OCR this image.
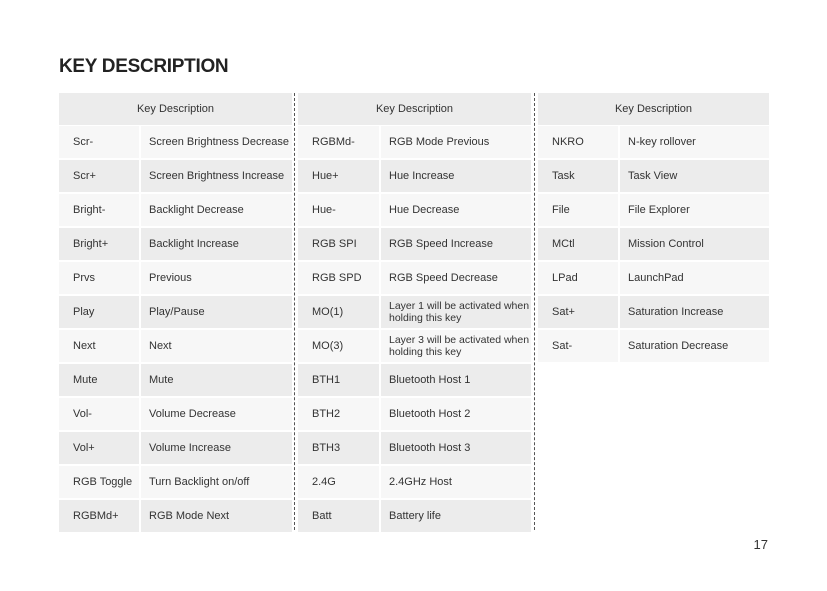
KEY DESCRIPTION
Key Description	
Scr-	Screen Brightness Decrease
Scr+	Screen Brightness Increase
Bright-	Backlight Decrease
Bright+	Backlight Increase
Prvs	Previous
Play	Play/Pause
Next	Next
Mute	Mute
Vol-	Volume Decrease
Vol+	Volume Increase
RGB Toggle	Turn Backlight on/off
RGBMd+	RGB Mode Next
Key Description	
RGBMd-	RGB Mode Previous
Hue+	Hue Increase
Hue-	Hue Decrease
RGB SPI	RGB Speed Increase
RGB SPD	RGB Speed Decrease
MO(1)	Layer 1 will be activated when holding this key
MO(3)	Layer 3 will be activated when holding this key
BTH1	Bluetooth Host 1
BTH2	Bluetooth Host 2
BTH3	Bluetooth Host 3
2.4G	2.4GHz Host
Batt	Battery life
Key Description	
NKRO	N-key rollover
Task	Task View
File	File Explorer
MCtl	Mission Control
LPad	LaunchPad
Sat+	Saturation Increase
Sat-	Saturation Decrease
17
